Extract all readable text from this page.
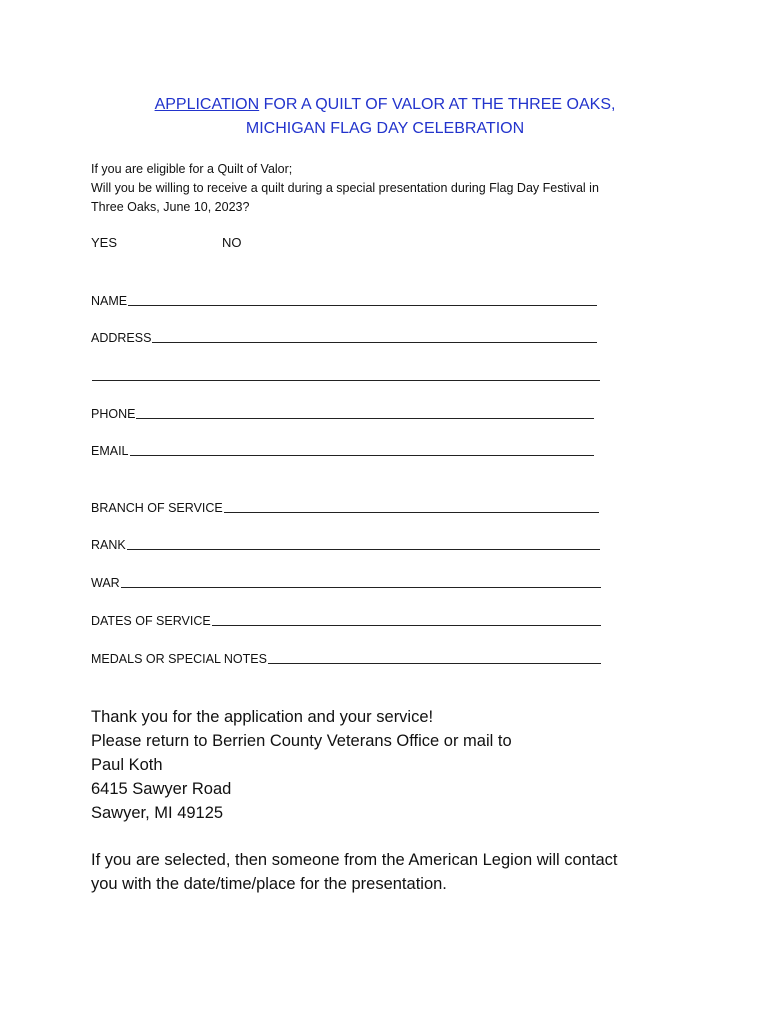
APPLICATION FOR A QUILT OF VALOR AT THE THREE OAKS,
MICHIGAN FLAG DAY CELEBRATION
If you are eligible for a Quilt of Valor;
Will you be willing to receive a quilt during a special presentation during Flag Day Festival in
Three Oaks, June 10, 2023?
YES	NO
NAME
ADDRESS
PHONE
EMAIL
BRANCH OF SERVICE
RANK
WAR
DATES OF SERVICE
MEDALS OR SPECIAL NOTES
Thank you for the application and your service!
Please return to Berrien County Veterans Office or mail to
Paul Koth
6415 Sawyer Road
Sawyer, MI 49125
If you are selected, then someone from the American Legion will contact
you with the date/time/place for the presentation.
